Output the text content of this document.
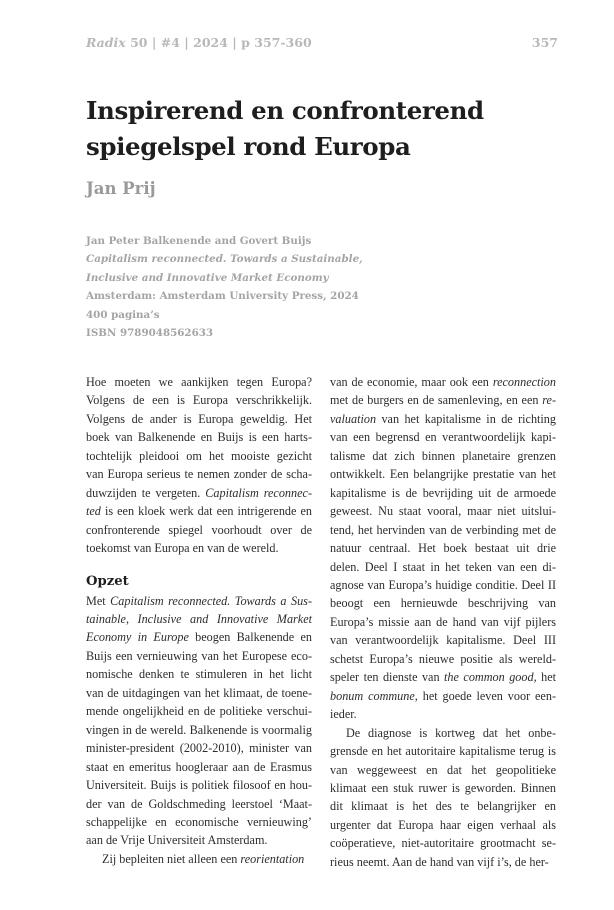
Radix 50 | #4 | 2024 | p 357-360	357
Inspirerend en confronterend
spiegelspel rond Europa

Jan Prij

Jan Peter Balkenende and Govert Buijs
Capitalism reconnected. Towards a Sustainable,
Inclusive and Innovative Market Economy
Amsterdam: Amsterdam University Press, 2024
400 pagina’s
ISBN 9789048562633

Hoe moeten we aankijken tegen Europa? Volgens de een is Europa verschrikkelijk. Volgens de ander is Europa geweldig. Het boek van Balkenende en Buijs is een hartstochtelijk pleidooi om het mooiste gezicht van Europa serieus te nemen zonder de schaduwzijden te vergeten. Capitalism reconnected is een kloek werk dat een intrigerende en confronterende spiegel voorhoudt over de toekomst van Europa en van de wereld.

Opzet

Met Capitalism reconnected. Towards a Sustainable, Inclusive and Innovative Market Economy in Europe beogen Balkenende en Buijs een vernieuwing van het Europese economische denken te stimuleren in het licht van de uitdagingen van het klimaat, de toenemende ongelijkheid en de politieke verschuivingen in de wereld. Balkenende is voormalig minister-president (2002-2010), minister van staat en emeritus hoogleraar aan de Erasmus Universiteit. Buijs is politiek filosoof en houder van de Goldschmeding leerstoel ‘Maatschappelijke en economische vernieuwing’ aan de Vrije Universiteit Amsterdam.

Zij bepleiten niet alleen een reorientation

van de economie, maar ook een reconnection met de burgers en de samenleving, en een revaluation van het kapitalisme in de richting van een begrensd en verantwoordelijk kapitalisme dat zich binnen planetaire grenzen ontwikkelt. Een belangrijke prestatie van het kapitalisme is de bevrijding uit de armoede geweest. Nu staat vooral, maar niet uitsluitend, het hervinden van de verbinding met de natuur centraal. Het boek bestaat uit drie delen. Deel I staat in het teken van een diagnose van Europa’s huidige conditie. Deel II beoogt een hernieuwde beschrijving van Europa’s missie aan de hand van vijf pijlers van verantwoordelijk kapitalisme. Deel III schetst Europa’s nieuwe positie als wereldspeler ten dienste van the common good, het bonum commune, het goede leven voor eenieder.

De diagnose is kortweg dat het onbegrensde en het autoritaire kapitalisme terug is van weggeweest en dat het geopolitieke klimaat een stuk ruwer is geworden. Binnen dit klimaat is het des te belangrijker en urgenter dat Europa haar eigen verhaal als coöperatieve, niet-autoritaire grootmacht serieus neemt. Aan de hand van vijf i’s, de her-
